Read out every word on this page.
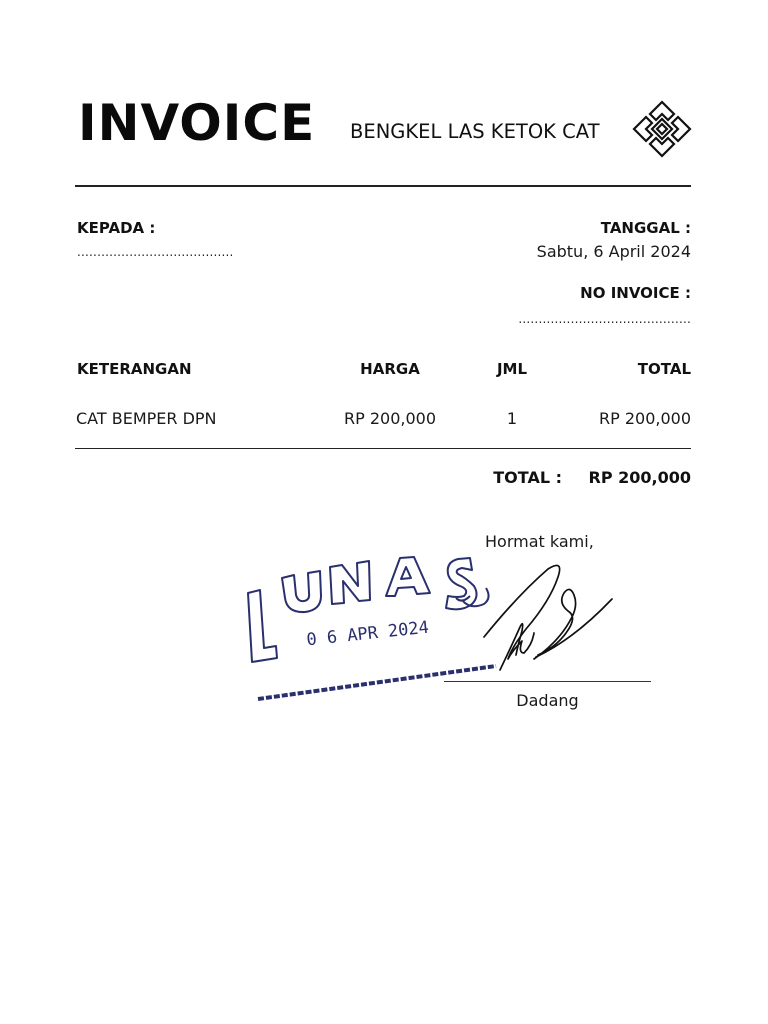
INVOICE BENGKEL LAS KETOK CAT
KEPADA :
.......................................
TANGGAL :
Sabtu, 6 April 2024
NO INVOICE :
...........................................
KETERANGAN	HARGA	JML	TOTAL
CAT BEMPER DPN	RP 200,000	1	RP 200,000
TOTAL :	RP 200,000
Hormat kami,
0 6 APR 2024
Dadang
